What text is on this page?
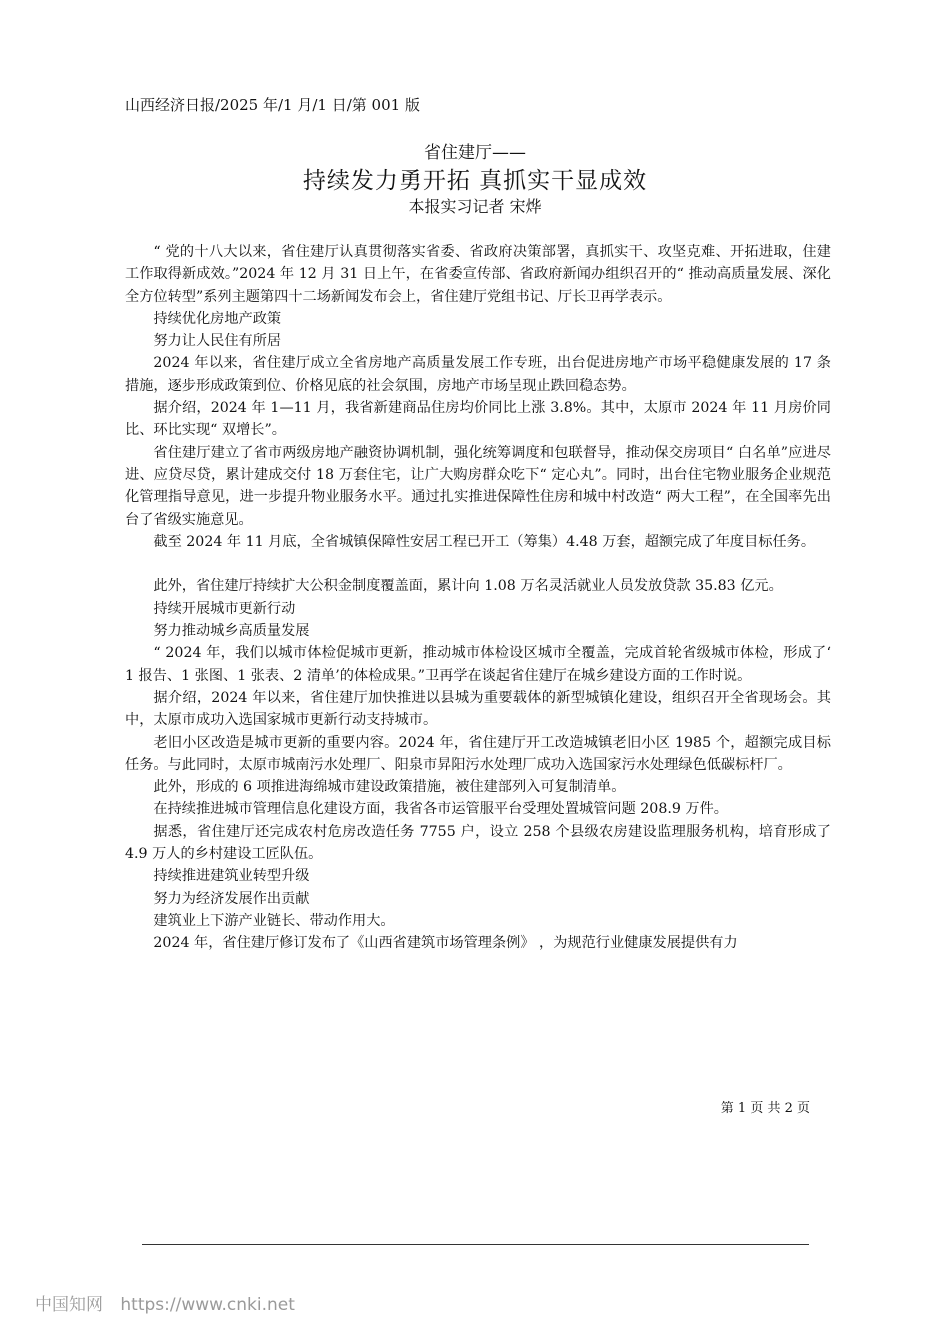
山西经济日报/2025 年/1 月/1 日/第 001 版
省住建厅——
持续发力勇开拓 真抓实干显成效
本报实习记者 宋烨

“ 党的十八大以来，省住建厅认真贯彻落实省委、省政府决策部署，真抓实干、攻坚克难、开拓进取，住建工作取得新成效。”2024 年 12 月 31 日上午，在省委宣传部、省政府新闻办组织召开的“ 推动高质量发展、深化全方位转型”系列主题第四十二场新闻发布会上，省住建厅党组书记、厅长卫再学表示。

持续优化房地产政策

努力让人民住有所居

2024 年以来，省住建厅成立全省房地产高质量发展工作专班，出台促进房地产市场平稳健康发展的 17 条措施，逐步形成政策到位、价格见底的社会氛围，房地产市场呈现止跌回稳态势。

据介绍，2024 年 1—11 月，我省新建商品住房均价同比上涨 3.8%。其中，太原市 2024 年 11 月房价同比、环比实现“ 双增长”。

省住建厅建立了省市两级房地产融资协调机制，强化统筹调度和包联督导，推动保交房项目“ 白名单”应进尽进、应贷尽贷，累计建成交付 18 万套住宅，让广大购房群众吃下“ 定心丸”。同时，出台住宅物业服务企业规范化管理指导意见，进一步提升物业服务水平。通过扎实推进保障性住房和城中村改造“ 两大工程”，在全国率先出台了省级实施意见。

截至 2024 年 11 月底，全省城镇保障性安居工程已开工（筹集）4.48 万套，超额完成了年度目标任务。

此外，省住建厅持续扩大公积金制度覆盖面，累计向 1.08 万名灵活就业人员发放贷款 35.83 亿元。

持续开展城市更新行动

努力推动城乡高质量发展

“ 2024 年，我们以城市体检促城市更新，推动城市体检设区城市全覆盖，完成首轮省级城市体检，形成了‘ 1 报告、1 张图、1 张表、2 清单’的体检成果。”卫再学在谈起省住建厅在城乡建设方面的工作时说。

据介绍，2024 年以来，省住建厅加快推进以县城为重要载体的新型城镇化建设，组织召开全省现场会。其中，太原市成功入选国家城市更新行动支持城市。

老旧小区改造是城市更新的重要内容。2024 年，省住建厅开工改造城镇老旧小区 1985 个，超额完成目标任务。与此同时，太原市城南污水处理厂、阳泉市昇阳污水处理厂成功入选国家污水处理绿色低碳标杆厂。

此外，形成的 6 项推进海绵城市建设政策措施，被住建部列入可复制清单。

在持续推进城市管理信息化建设方面，我省各市运管服平台受理处置城管问题 208.9 万件。

据悉，省住建厅还完成农村危房改造任务 7755 户，设立 258 个县级农房建设监理服务机构，培育形成了 4.9 万人的乡村建设工匠队伍。

持续推进建筑业转型升级

努力为经济发展作出贡献

建筑业上下游产业链长、带动作用大。

2024 年，省住建厅修订发布了《山西省建筑市场管理条例》 ，为规范行业健康发展提供有力

第 1 页 共 2 页
中国知网 https://www.cnki.net
